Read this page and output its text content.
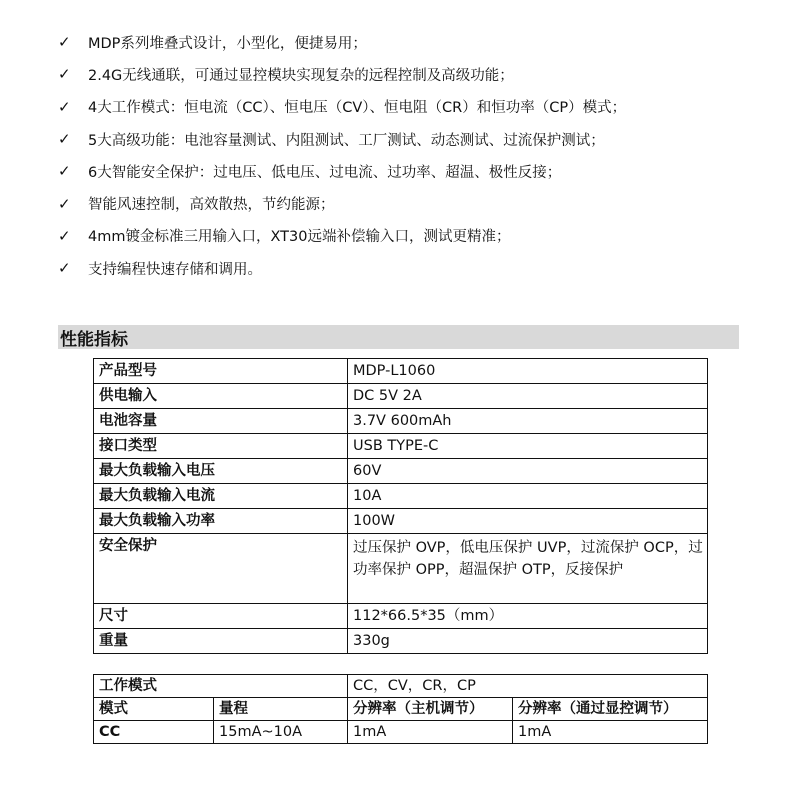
✓	MDP系列堆叠式设计，小型化，便捷易用；
✓	2.4G无线通联，可通过显控模块实现复杂的远程控制及高级功能；
✓	4大工作模式：恒电流（CC）、恒电压（CV）、恒电阻（CR）和恒功率（CP）模式；
✓	5大高级功能：电池容量测试、内阻测试、工厂测试、动态测试、过流保护测试；
✓	6大智能安全保护：过电压、低电压、过电流、过功率、超温、极性反接；
✓	智能风速控制，高效散热，节约能源；
✓	4mm镀金标准三用输入口，XT30远端补偿输入口，测试更精准；
✓	支持编程快速存储和调用。
性能指标
产品型号	MDP-L1060
供电输入	DC 5V 2A
电池容量	3.7V 600mAh
接口类型	USB TYPE-C
最大负载输入电压	60V
最大负载输入电流	10A
最大负载输入功率	100W
安全保护	过压保护 OVP，低电压保护 UVP，过流保护 OCP，过功率保护 OPP，超温保护 OTP，反接保护
尺寸	112*66.5*35（mm）
重量	330g
工作模式		CC，CV，CR，CP	
模式	量程	分辨率（主机调节）	分辨率（通过显控调节）
CC	15mA~10A	1mA	1mA
